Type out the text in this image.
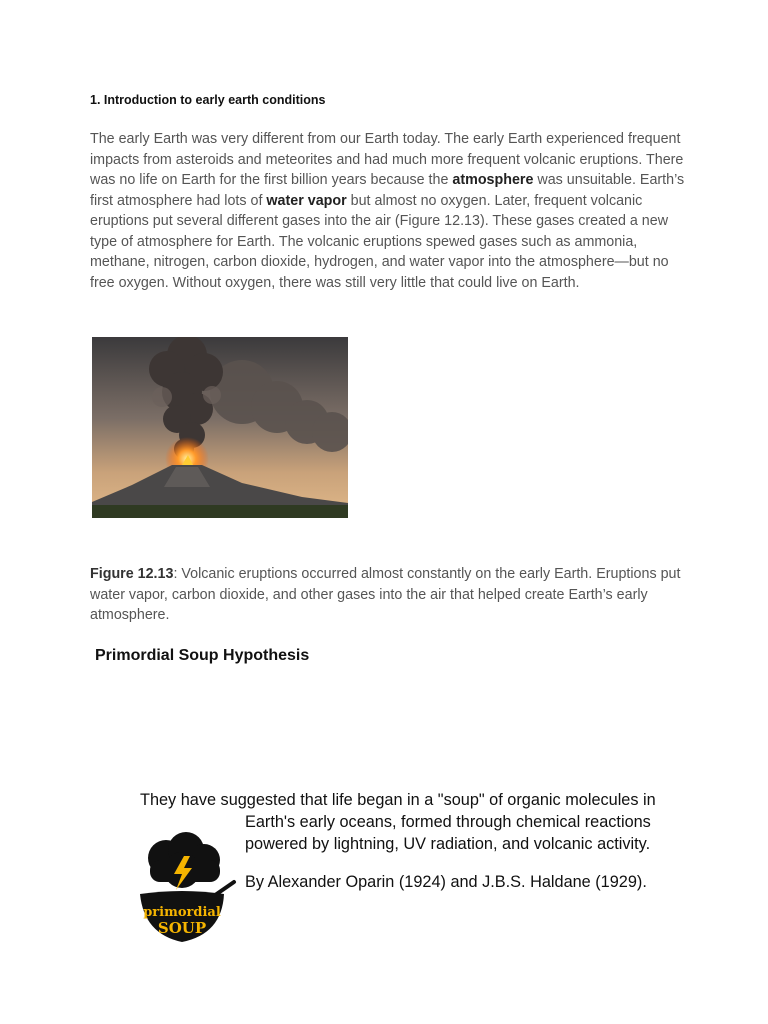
1. Introduction to early earth conditions
The early Earth was very different from our Earth today. The early Earth experienced frequent impacts from asteroids and meteorites and had much more frequent volcanic eruptions. There was no life on Earth for the first billion years because the atmosphere was unsuitable. Earth’s first atmosphere had lots of water vapor but almost no oxygen. Later, frequent volcanic eruptions put several different gases into the air (Figure 12.13). These gases created a new type of atmosphere for Earth. The volcanic eruptions spewed gases such as ammonia, methane, nitrogen, carbon dioxide, hydrogen, and water vapor into the atmosphere—but no free oxygen. Without oxygen, there was still very little that could live on Earth.
Figure 12.13: Volcanic eruptions occurred almost constantly on the early Earth. Eruptions put water vapor, carbon dioxide, and other gases into the air that helped create Earth’s early atmosphere.
Primordial Soup Hypothesis
They have suggested that life began in a "soup" of organic molecules in
Earth's early oceans, formed through chemical reactions powered by lightning, UV radiation, and volcanic activity.
By Alexander Oparin (1924) and J.B.S. Haldane (1929).
primordial
SOUP
